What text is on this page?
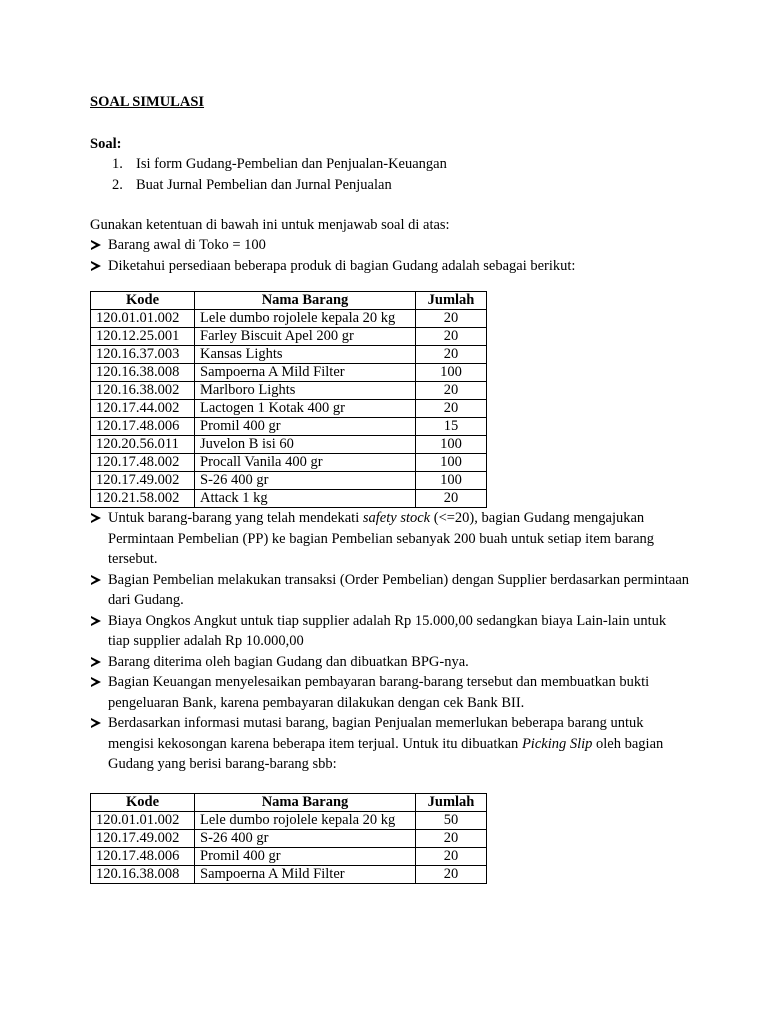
SOAL SIMULASI
Soal:
1. Isi form Gudang-Pembelian dan Penjualan-Keuangan
2. Buat Jurnal Pembelian dan Jurnal Penjualan
Gunakan ketentuan di bawah ini untuk menjawab soal di atas:
Barang awal di Toko = 100
Diketahui persediaan beberapa produk di bagian Gudang adalah sebagai berikut:
Kode	Nama Barang	Jumlah
120.01.01.002	Lele dumbo rojolele kepala 20 kg	20
120.12.25.001	Farley Biscuit Apel 200 gr	20
120.16.37.003	Kansas Lights	20
120.16.38.008	Sampoerna A Mild Filter	100
120.16.38.002	Marlboro Lights	20
120.17.44.002	Lactogen 1 Kotak 400 gr	20
120.17.48.006	Promil 400 gr	15
120.20.56.011	Juvelon B isi 60	100
120.17.48.002	Procall Vanila 400 gr	100
120.17.49.002	S-26 400 gr	100
120.21.58.002	Attack 1 kg	20
Untuk barang-barang yang telah mendekati safety stock (<=20), bagian Gudang mengajukan Permintaan Pembelian (PP) ke bagian Pembelian sebanyak 200 buah untuk setiap item barang tersebut.
Bagian Pembelian melakukan transaksi (Order Pembelian) dengan Supplier berdasarkan permintaan dari Gudang.
Biaya Ongkos Angkut untuk tiap supplier adalah Rp 15.000,00 sedangkan biaya Lain-lain untuk tiap supplier adalah Rp 10.000,00
Barang diterima oleh bagian Gudang dan dibuatkan BPG-nya.
Bagian Keuangan menyelesaikan pembayaran barang-barang tersebut dan membuatkan bukti pengeluaran Bank, karena pembayaran dilakukan dengan cek Bank BII.
Berdasarkan informasi mutasi barang, bagian Penjualan memerlukan beberapa barang untuk mengisi kekosongan karena beberapa item terjual. Untuk itu dibuatkan Picking Slip oleh bagian Gudang yang berisi barang-barang sbb:
Kode	Nama Barang	Jumlah
120.01.01.002	Lele dumbo rojolele kepala 20 kg	50
120.17.49.002	S-26 400 gr	20
120.17.48.006	Promil 400 gr	20
120.16.38.008	Sampoerna A Mild Filter	20
